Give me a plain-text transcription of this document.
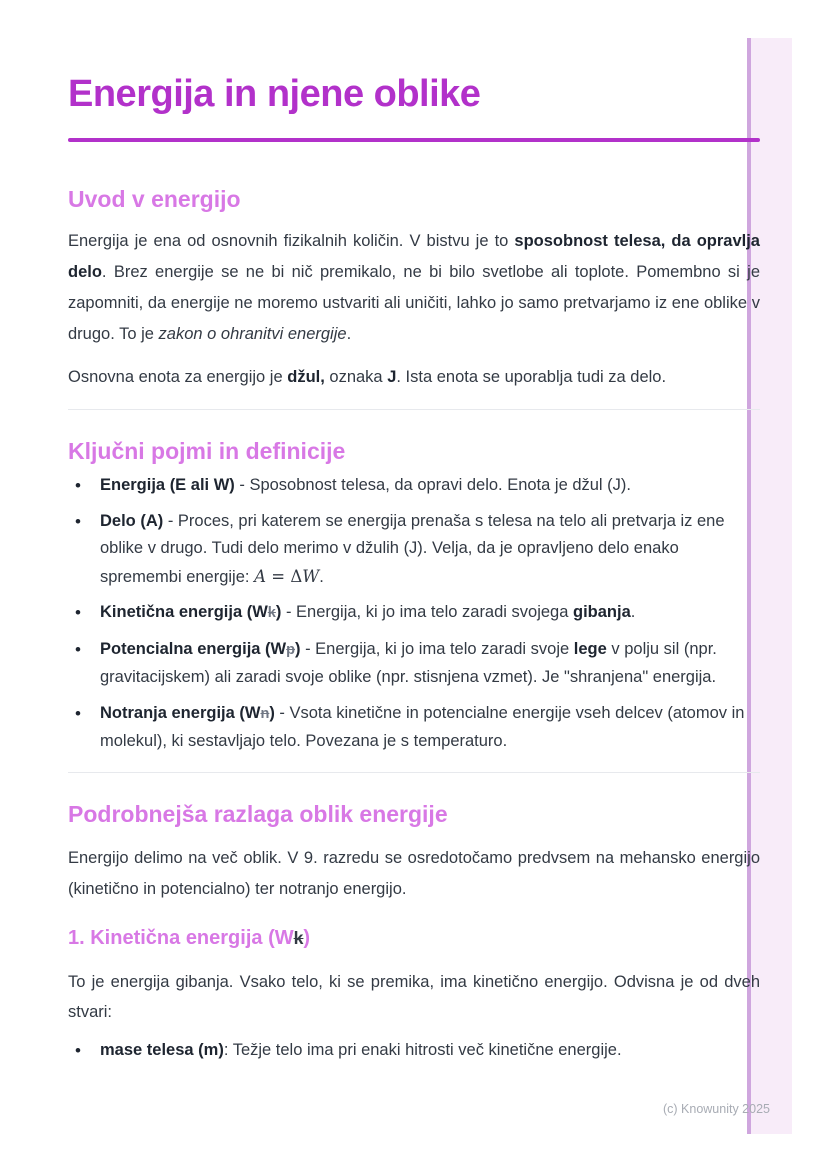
Energija in njene oblike
Uvod v energijo

Energija je ena od osnovnih fizikalnih količin. V bistvu je to sposobnost telesa, da opravlja delo. Brez energije se ne bi nič premikalo, ne bi bilo svetlobe ali toplote. Pomembno si je zapomniti, da energije ne moremo ustvariti ali uničiti, lahko jo samo pretvarjamo iz ene oblike v drugo. To je zakon o ohranitvi energije.

Osnovna enota za energijo je džul, oznaka J. Ista enota se uporablja tudi za delo.

Ključni pojmi in definicije
• Energija (E ali W) - Sposobnost telesa, da opravi delo. Enota je džul (J).
• Delo (A) - Proces, pri katerem se energija prenaša s telesa na telo ali pretvarja iz ene oblike v drugo. Tudi delo merimo v džulih (J). Velja, da je opravljeno delo enako spremembi energije: A = ΔW.
• Kinetična energija (Wk) - Energija, ki jo ima telo zaradi svojega gibanja.
• Potencialna energija (Wp) - Energija, ki jo ima telo zaradi svoje lege v polju sil (npr. gravitacijskem) ali zaradi svoje oblike (npr. stisnjena vzmet). Je "shranjena" energija.
• Notranja energija (Wn) - Vsota kinetične in potencialne energije vseh delcev (atomov in molekul), ki sestavljajo telo. Povezana je s temperaturo.
Podrobnejša razlaga oblik energije

Energijo delimo na več oblik. V 9. razredu se osredotočamo predvsem na mehansko energijo (kinetično in potencialno) ter notranjo energijo.

1. Kinetična energija (Wk)

To je energija gibanja. Vsako telo, ki se premika, ima kinetično energijo. Odvisna je od dveh stvari:

• mase telesa (m): Težje telo ima pri enaki hitrosti več kinetične energije.
(c) Knowunity 2025
